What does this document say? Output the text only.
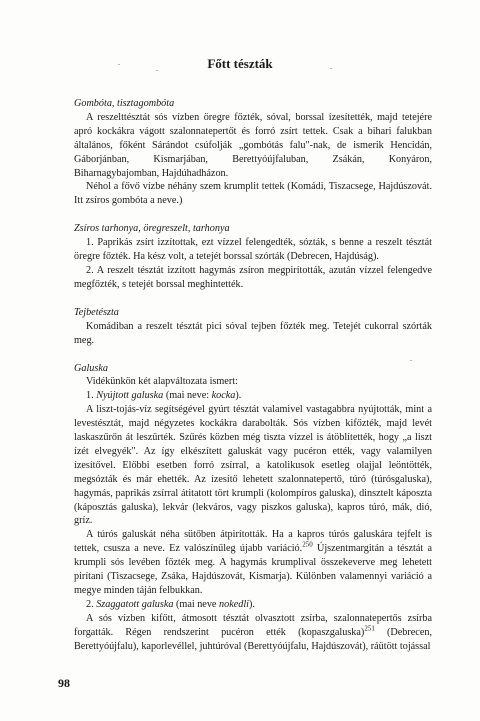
Főtt tészták

Gombóta, tisztagombóta

A reszelttésztát sós vízben öregre főzték, sóval, borssal ízesítették, majd tetejére apró kockákra vágott szalonnatepertőt és forró zsírt tettek. Csak a bihari falukban általános, főként Sárándot csúfolják „gombótás falu"-nak, de ismerik Hencidán, Gáborjánban, Kismarjában, Berettyóújfaluban, Zsákán, Konyáron, Biharnagybajomban, Hajdúhadházon.

Néhol a fővő vízbe néhány szem krumplit tettek (Komádi, Tiszacsege, Hajdúszovát. Itt zsíros gombóta a neve.)

Zsíros tarhonya, öregreszelt, tarhonya

1. Paprikás zsírt izzítottak, ezt vízzel felengedték, sózták, s benne a reszelt tésztát öregre főzték. Ha kész volt, a tetejét borssal szórták (Debrecen, Hajdúság).

2. A reszelt tésztát izzított hagymás zsíron megpirították, azután vízzel felengedve megfőzték, s tetejét borssal meghintették.

Tejbetészta

Komádiban a reszelt tésztát pici sóval tejben főzték meg. Tetejét cukorral szórták meg.

Galuska

Vidékünkön két alapváltozata ismert:

1. Nyújtott galuska (mai neve: kocka).

A liszt-tojás-víz segítségével gyúrt tésztát valamivel vastagabbra nyújtották, mint a levestésztát, majd négyzetes kockákra darabolták. Sós vízben kifőzték, majd levét laskaszűrőn át leszűrték. Szűrés közben még tiszta vízzel is átöblítették, hogy „a liszt ízét elvegyék". Az így elkészített galuskát vagy pucéron ették, vagy valamilyen ízesítővel. Előbbi esetben forró zsírral, a katolikusok esetleg olajjal leöntötték, megsózták és már ehették. Az ízesítő lehetett szalonnatepertő, túró (túrósgaluska), hagymás, paprikás zsírral átitatott tört krumpli (kolompíros galuska), dinsztelt káposzta (káposztás galuska), lekvár (lekváros, vagy piszkos galuska), kapros túró, mák, dió, gríz.

A túrós galuskát néha sütőben átpirították. Ha a kapros túrós galuskára tejfelt is tettek, csusza a neve. Ez valószínűleg újabb variáció.$^{250}$ Újszentmargitán a tésztát a krumpli sós levében főzték meg. A hagymás krumplival összekeverve meg lehetett pirítani (Tiszacsege, Zsáka, Hajdúszovát, Kismarja). Különben valamennyi variáció a megye minden táján felbukkan.

2. Szaggatott galuska (mai neve nokedli).

A sós vízben kifőtt, átmosott tésztát olvasztott zsírba, szalonnatepertős zsírba forgatták. Régen rendszerint pucéron ették (kopaszgaluska)$^{251}$ (Debrecen, Berettyóújfalu), kaporlevéllel, juhtúróval (Berettyóújfalu, Hajdúszovát), ráütött tojással

98
